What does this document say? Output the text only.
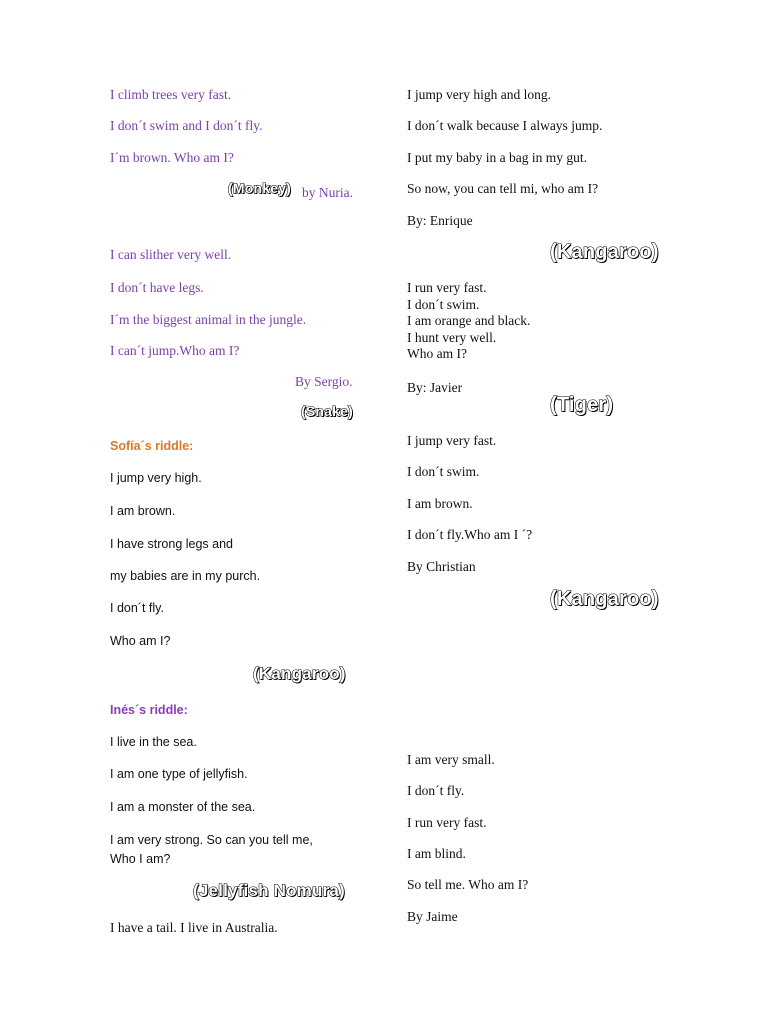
I climb trees very fast.
I don´t swim and I don´t fly.
I´m brown. Who am I?
(Monkey) by Nuria.
I can slither very well.
I don´t have legs.
I´m the biggest animal in the jungle.
I can´t jump.Who am I?
By Sergio.
(Snake)
Sofía´s riddle:
I jump very high.
I am brown.
I have strong legs and
my babies are in my purch.
I don´t fly.
Who am I?
(Kangaroo)
Inés´s riddle:
I live in the sea.
I am one type of jellyfish.
I am a monster of the sea.
I am very strong. So can you tell me,
Who I am?
(Jellyfish Nomura)
I have a tail. I live in Australia.
I jump very high and long.
I don´t walk because I always jump.
I put my baby in a bag in my gut.
So now, you can tell mi, who am I?
By: Enrique
(Kangaroo)
I run very fast.
I don´t swim.
I am orange and black.
I hunt very well.
Who am I?
By: Javier
(Tiger)
I jump very fast.
I don´t swim.
I am brown.
I don´t fly.Who am I ´?
By Christian
(Kangaroo)
I am very small.
I don´t fly.
I run very fast.
I am blind.
So tell me. Who am I?
By Jaime
